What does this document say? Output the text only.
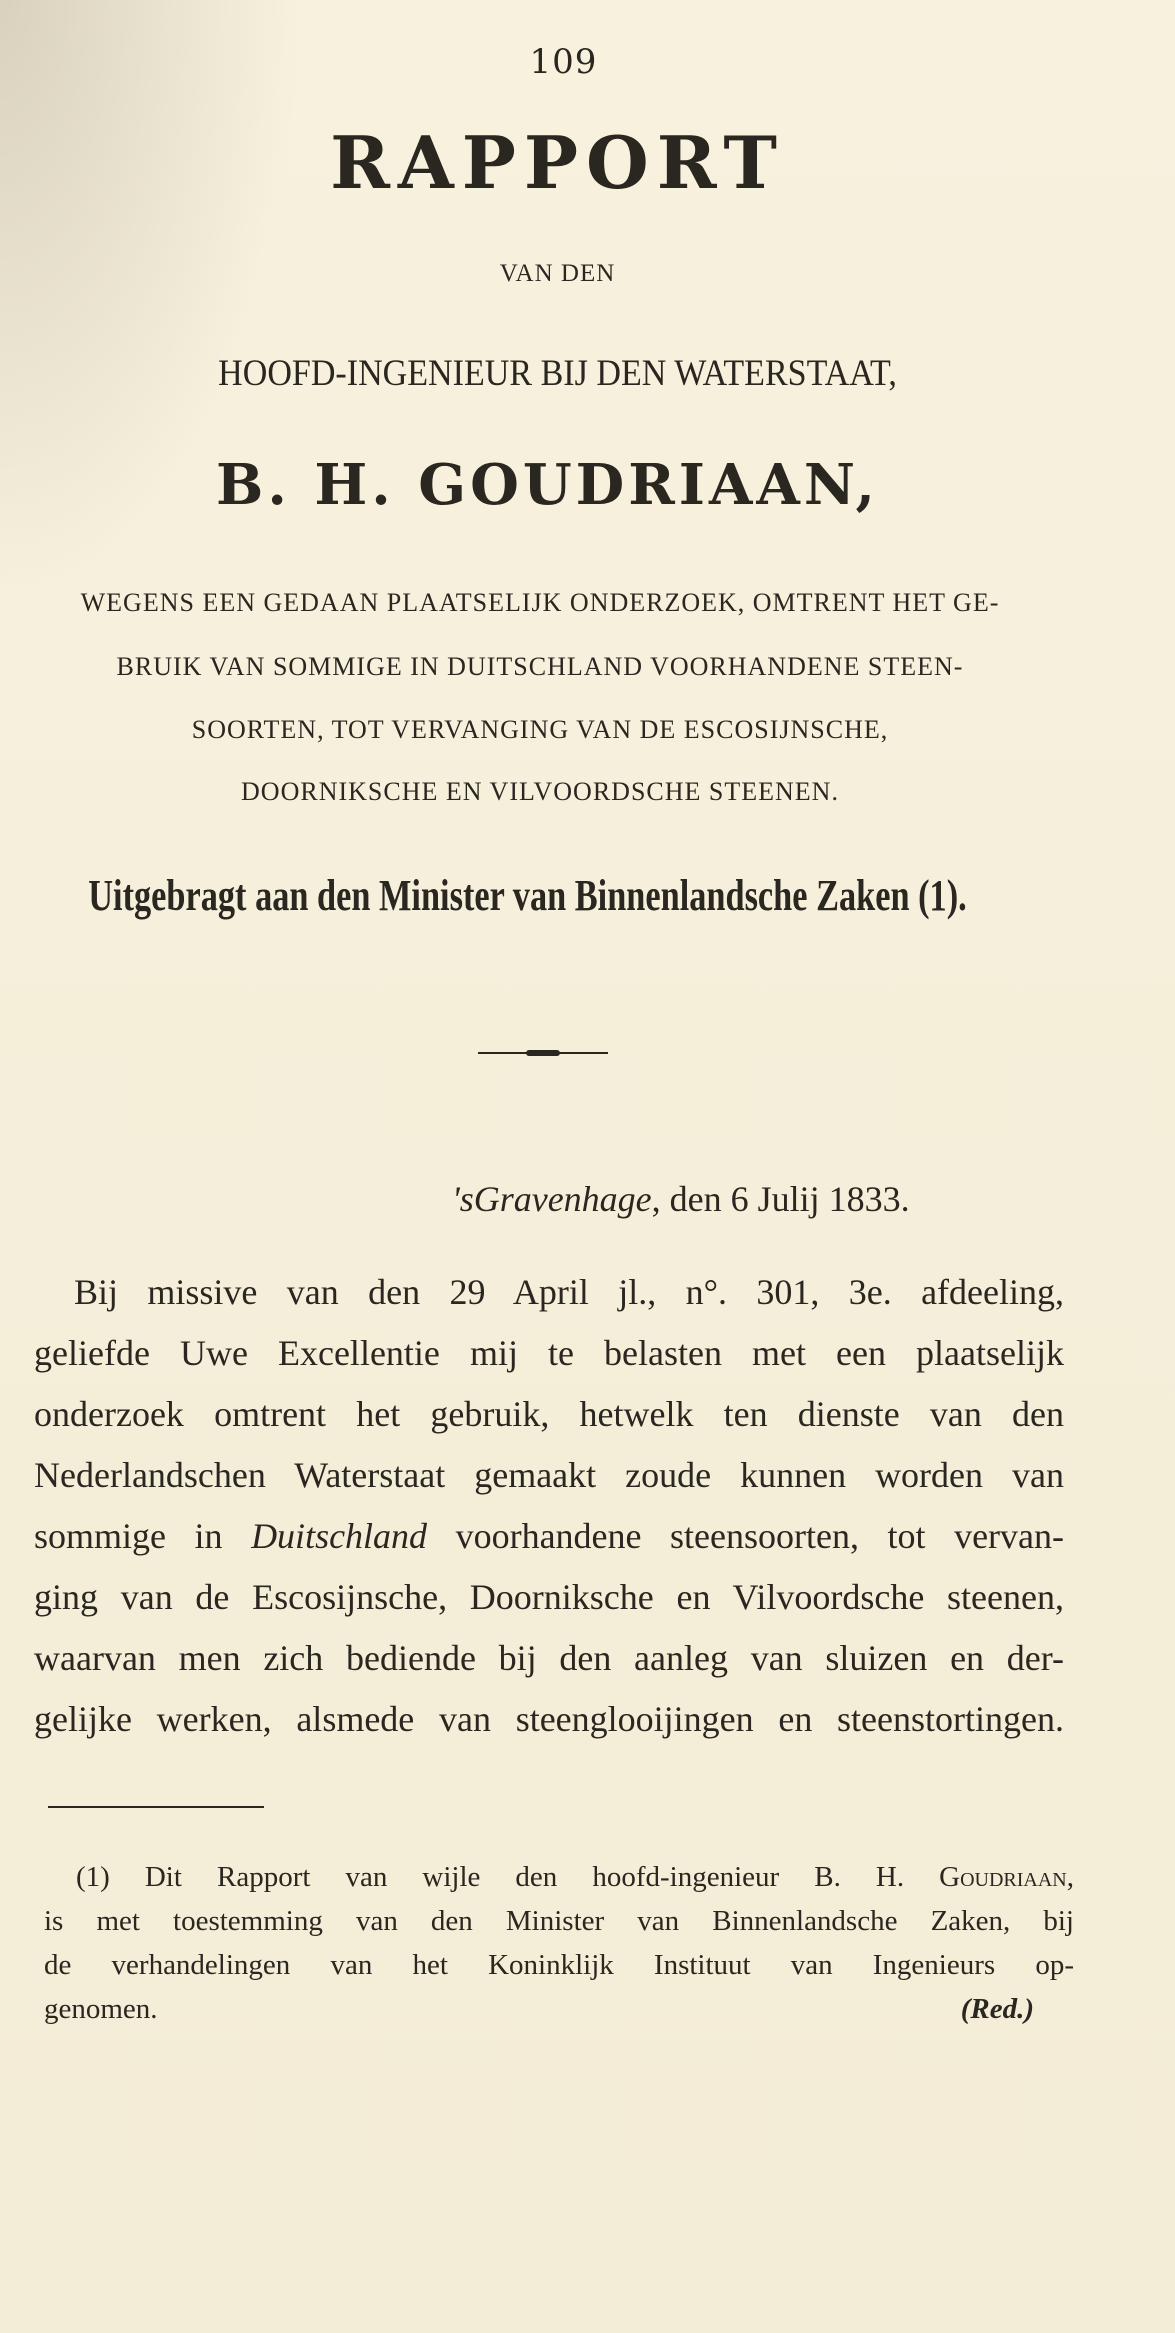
109
RAPPORT
VAN DEN
HOOFD-INGENIEUR BIJ DEN WATERSTAAT,
B. H. GOUDRIAAN,
WEGENS EEN GEDAAN PLAATSELIJK ONDERZOEK, OMTRENT HET GE-
BRUIK VAN SOMMIGE IN DUITSCHLAND VOORHANDENE STEEN-
SOORTEN, TOT VERVANGING VAN DE ESCOSIJNSCHE,
DOORNIKSCHE EN VILVOORDSCHE STEENEN.
Uitgebragt aan den Minister van Binnenlandsche Zaken (1).
'sGravenhage, den 6 Julij 1833.
Bij missive van den 29 April jl., n°. 301, 3e. afdeeling,
geliefde Uwe Excellentie mij te belasten met een plaatselijk
onderzoek omtrent het gebruik, hetwelk ten dienste van den
Nederlandschen Waterstaat gemaakt zoude kunnen worden van
sommige in Duitschland voorhandene steensoorten, tot vervan-
ging van de Escosijnsche, Doorniksche en Vilvoordsche steenen,
waarvan men zich bediende bij den aanleg van sluizen en der-
gelijke werken, alsmede van steenglooijingen en steenstortingen.
(1) Dit Rapport van wijle den hoofd-ingenieur B. H. Goudriaan,
is met toestemming van den Minister van Binnenlandsche Zaken, bij
de verhandelingen van het Koninklijk Instituut van Ingenieurs op-
genomen.	(Red.)
